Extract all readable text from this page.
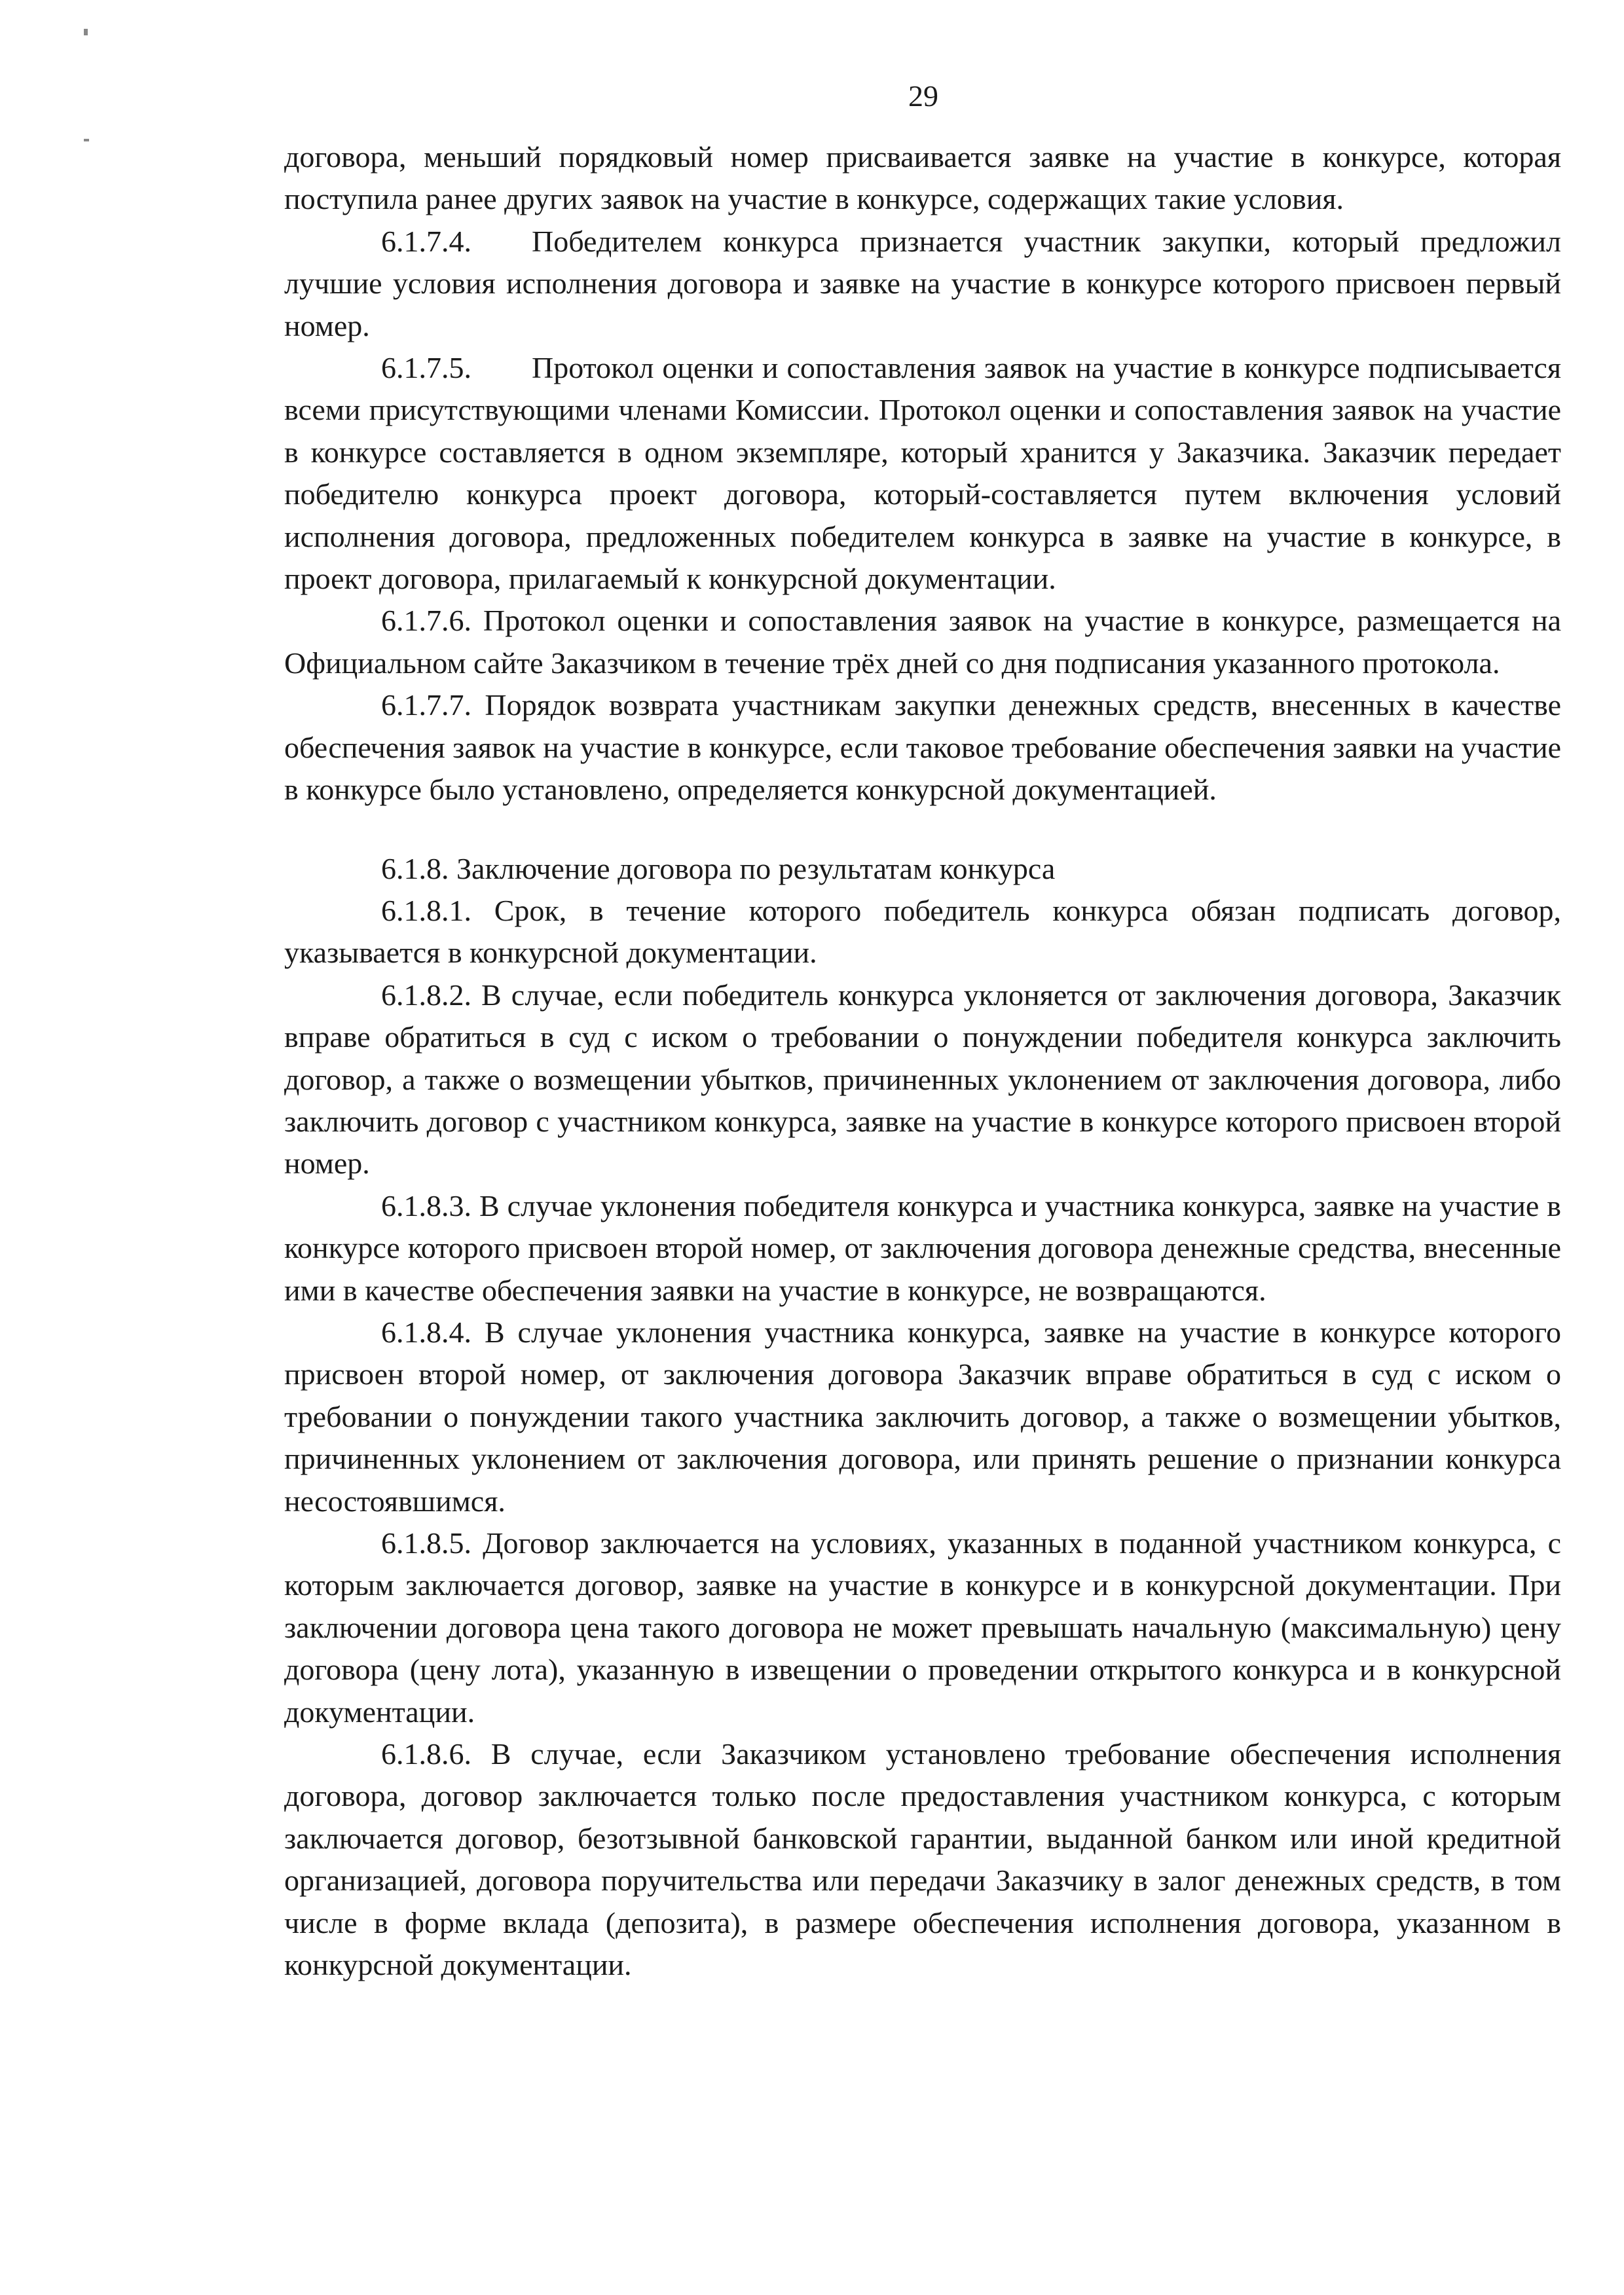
29

договора, меньший порядковый номер присваивается заявке на участие в конкурсе, которая поступила ранее других заявок на участие в конкурсе, содержащих такие условия.

6.1.7.4.  Победителем конкурса признается участник закупки, который предложил лучшие условия исполнения договора и заявке на участие в конкурсе которого присвоен первый номер.

6.1.7.5.  Протокол оценки и сопоставления заявок на участие в конкурсе подписывается всеми присутствующими членами Комиссии. Протокол оценки и сопоставления заявок на участие в конкурсе составляется в одном экземпляре, который хранится у Заказчика. Заказчик передает победителю конкурса проект договора, который-составляется путем включения условий исполнения договора, предложенных победителем конкурса в заявке на участие в конкурсе, в проект договора, прилагаемый к конкурсной документации.

6.1.7.6. Протокол оценки и сопоставления заявок на участие в конкурсе, размещается на Официальном сайте Заказчиком в течение трёх дней со дня подписания указанного протокола.

6.1.7.7. Порядок возврата участникам закупки денежных средств, внесенных в качестве обеспечения заявок на участие в конкурсе, если таковое требование обеспечения заявки на участие в конкурсе было установлено, определяется конкурсной документацией.

6.1.8. Заключение договора по результатам конкурса

6.1.8.1. Срок, в течение которого победитель конкурса обязан подписать договор, указывается в конкурсной документации.

6.1.8.2. В случае, если победитель конкурса уклоняется от заключения договора, Заказчик вправе обратиться в суд с иском о требовании о понуждении победителя конкурса заключить договор, а также о возмещении убытков, причиненных уклонением от заключения договора, либо заключить договор с участником конкурса, заявке на участие в конкурсе которого присвоен второй номер.

6.1.8.3. В случае уклонения победителя конкурса и участника конкурса, заявке на участие в конкурсе которого присвоен второй номер, от заключения договора денежные средства, внесенные ими в качестве обеспечения заявки на участие в конкурсе, не возвращаются.

6.1.8.4. В случае уклонения участника конкурса, заявке на участие в конкурсе которого присвоен второй номер, от заключения договора Заказчик вправе обратиться в суд с иском о требовании о понуждении такого участника заключить договор, а также о возмещении убытков, причиненных уклонением от заключения договора, или принять решение о признании конкурса несостоявшимся.

6.1.8.5. Договор заключается на условиях, указанных в поданной участником конкурса, с которым заключается договор, заявке на участие в конкурсе и в конкурсной документации. При заключении договора цена такого договора не может превышать начальную (максимальную) цену договора (цену лота), указанную в извещении о проведении открытого конкурса и в конкурсной документации.

6.1.8.6. В случае, если Заказчиком установлено требование обеспечения исполнения договора, договор заключается только после предоставления участником конкурса, с которым заключается договор, безотзывной банковской гарантии, выданной банком или иной кредитной организацией, договора поручительства или передачи Заказчику в залог денежных средств, в том числе в форме вклада (депозита), в размере обеспечения исполнения договора, указанном в конкурсной документации.
